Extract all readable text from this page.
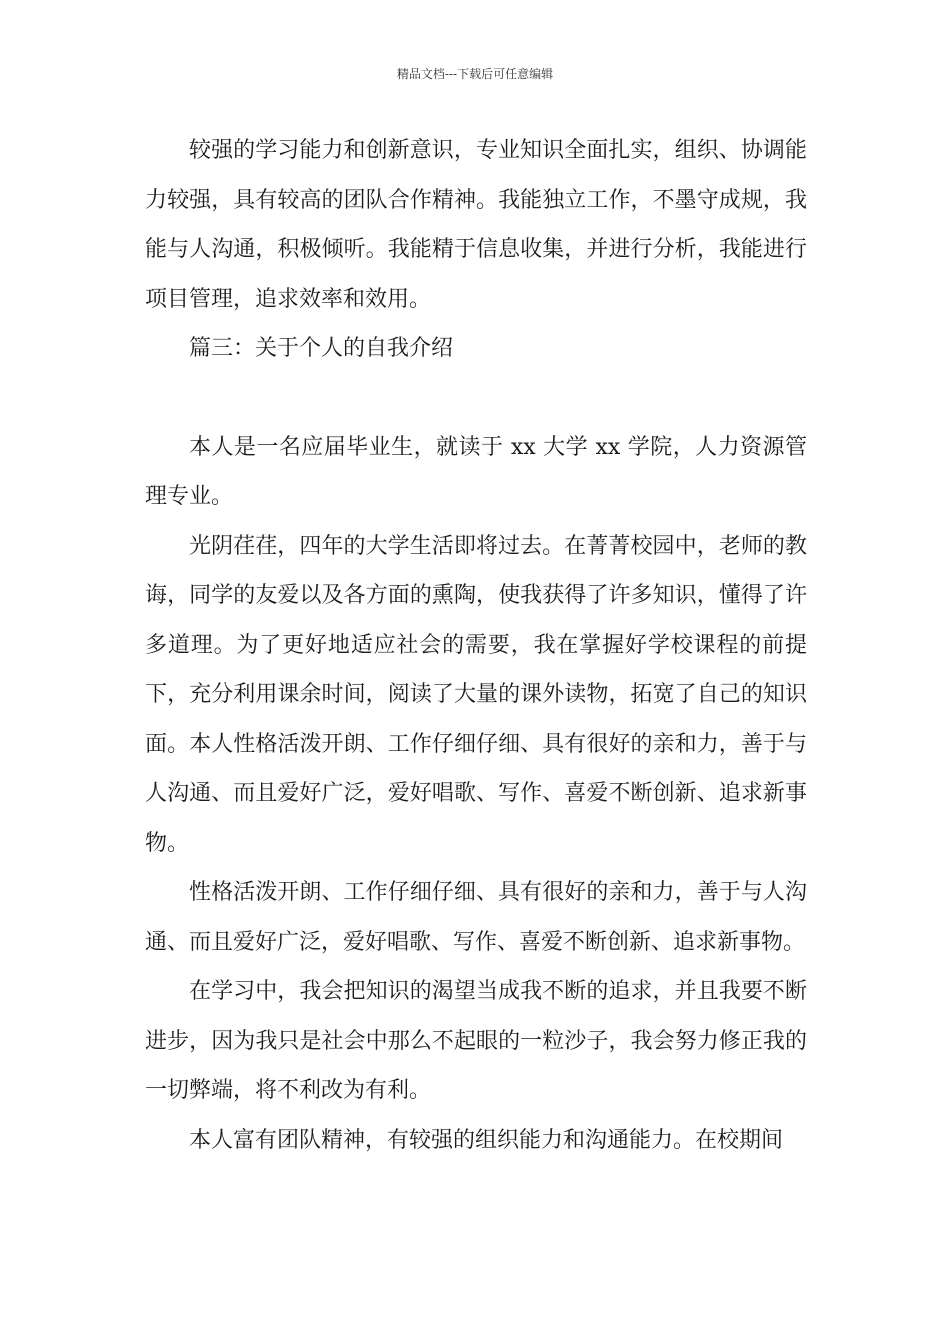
精品文档---下载后可任意编辑

较强的学习能力和创新意识，专业知识全面扎实，组织、协调能力较强，具有较高的团队合作精神。我能独立工作，不墨守成规，我能与人沟通，积极倾听。我能精于信息收集，并进行分析，我能进行项目管理，追求效率和效用。

篇三：关于个人的自我介绍

本人是一名应届毕业生，就读于 xx 大学 xx 学院，人力资源管理专业。

光阴荏荏，四年的大学生活即将过去。在菁菁校园中，老师的教诲，同学的友爱以及各方面的熏陶，使我获得了许多知识，懂得了许多道理。为了更好地适应社会的需要，我在掌握好学校课程的前提下，充分利用课余时间，阅读了大量的课外读物，拓宽了自己的知识面。本人性格活泼开朗、工作仔细仔细、具有很好的亲和力，善于与人沟通、而且爱好广泛，爱好唱歌、写作、喜爱不断创新、追求新事物。

性格活泼开朗、工作仔细仔细、具有很好的亲和力，善于与人沟通、而且爱好广泛，爱好唱歌、写作、喜爱不断创新、追求新事物。

在学习中，我会把知识的渴望当成我不断的追求，并且我要不断进步，因为我只是社会中那么不起眼的一粒沙子，我会努力修正我的一切弊端，将不利改为有利。

本人富有团队精神，有较强的组织能力和沟通能力。在校期间
